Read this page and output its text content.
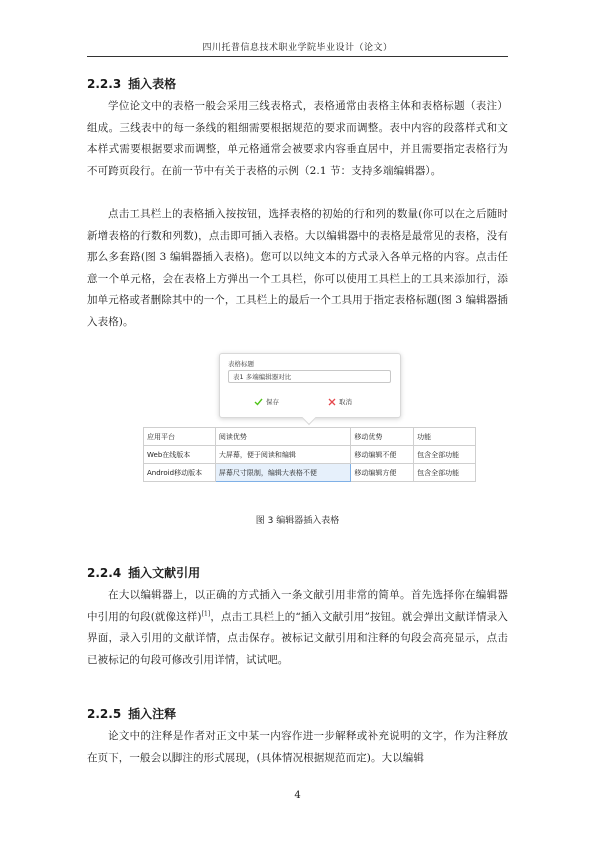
四川托普信息技术职业学院毕业设计（论文）
2.2.3 插入表格

学位论文中的表格一般会采用三线表格式，表格通常由表格主体和表格标题（表注）组成。三线表中的每一条线的粗细需要根据规范的要求而调整。表中内容的段落样式和文本样式需要根据要求而调整，单元格通常会被要求内容垂直居中，并且需要指定表格行为不可跨页段行。在前一节中有关于表格的示例（2.1 节：支持多端编辑器）。

点击工具栏上的表格插入按按钮，选择表格的初始的行和列的数量(你可以在之后随时新增表格的行数和列数)，点击即可插入表格。大以编辑器中的表格是最常见的表格，没有那么多套路(图 3 编辑器插入表格)。您可以以纯文本的方式录入各单元格的内容。点击任意一个单元格，会在表格上方弹出一个工具栏，你可以使用工具栏上的工具来添加行，添加单元格或者删除其中的一个，工具栏上的最后一个工具用于指定表格标题(图 3 编辑器插入表格)。

表格标题
表1 多端编辑器对比
保存	取消
应用平台	阅读优势	移动优势	功能
Web在线版本	大屏幕，便于阅读和编辑	移动编辑不便	包含全部功能
Android移动版本	屏幕尺寸限制，编辑大表格不便	移动编辑方便	包含全部功能
图 3 编辑器插入表格
2.2.4 插入文献引用

在大以编辑器上，以正确的方式插入一条文献引用非常的简单。首先选择你在编辑器中引用的句段(就像这样)[1]，点击工具栏上的“插入文献引用”按钮。就会弹出文献详情录入界面，录入引用的文献详情，点击保存。被标记文献引用和注释的句段会高亮显示，点击已被标记的句段可修改引用详情，试试吧。

2.2.5 插入注释

论文中的注释是作者对正文中某一内容作进一步解释或补充说明的文字，作为注释放在页下，一般会以脚注的形式展现，(具体情况根据规范而定)。大以编辑

4
